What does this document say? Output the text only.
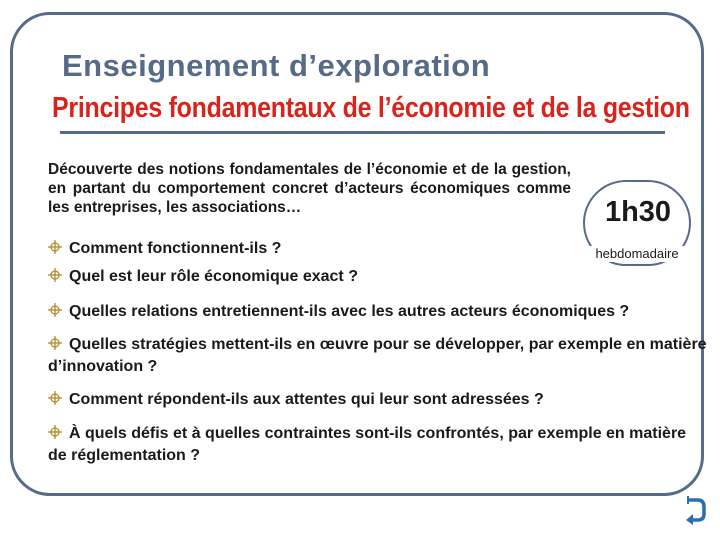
Enseignement d’exploration
Principes fondamentaux de l’économie et de la gestion
Découverte des notions fondamentales de l’économie et de la gestion, en partant du comportement concret d’acteurs économiques comme les entreprises, les associations…	1h30
hebdomadaire
Comment fonctionnent-ils ?
Quel est leur rôle économique exact ?
Quelles relations entretiennent-ils avec les autres acteurs économiques ?
Quelles stratégies mettent-ils en œuvre pour se développer, par exemple en matière d’innovation ?
Comment répondent-ils aux attentes qui leur sont adressées ?
À quels défis et à quelles contraintes sont-ils confrontés, par exemple en matière de réglementation ?
